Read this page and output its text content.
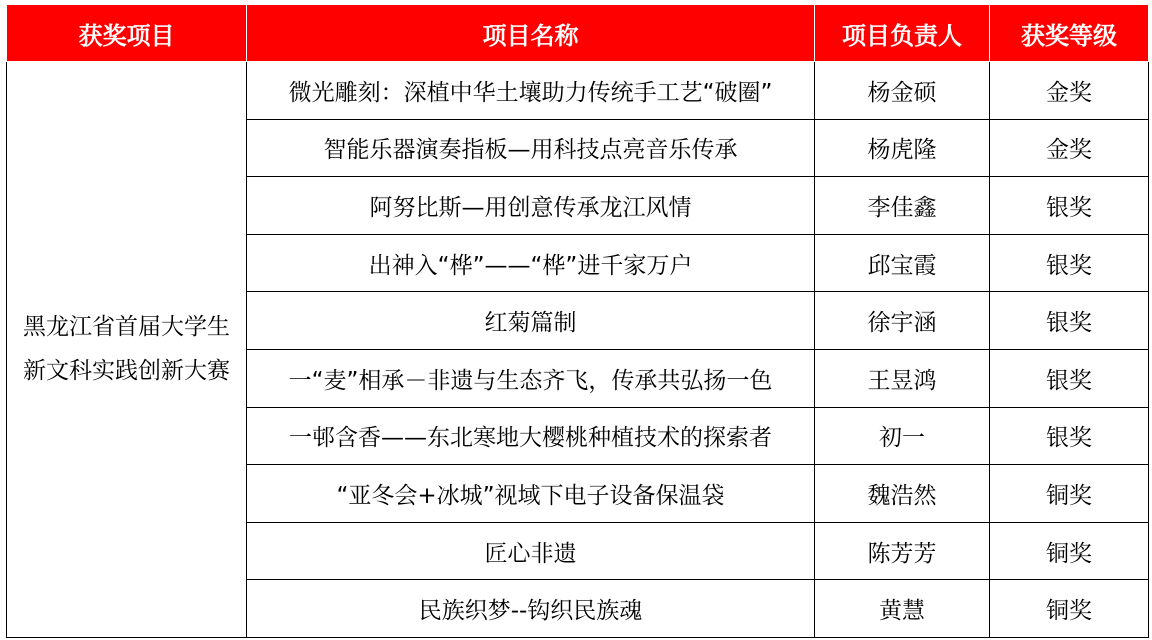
获奖项目	项目名称	项目负责人	获奖等级

黑龙江省首届大学生
新文科实践创新大赛	微光雕刻：深植中华土壤助力传统手工艺“破圈”	杨金硕	金奖
	智能乐器演奏指板—用科技点亮音乐传承	杨虎隆	金奖
	阿努比斯—用创意传承龙江风情	李佳鑫	银奖
	出神入“桦”——“桦”进千家万户	邱宝霞	银奖
	红菊篇制	徐宇涵	银奖
	一“麦”相承－非遗与生态齐飞，传承共弘扬一色	王昱鸿	银奖
	一邨含香——东北寒地大樱桃种植技术的探索者	初一	银奖
	“亚冬会+冰城”视域下电子设备保温袋	魏浩然	铜奖
	匠心非遗	陈芳芳	铜奖
	民族织梦--钩织民族魂	黄慧	铜奖
